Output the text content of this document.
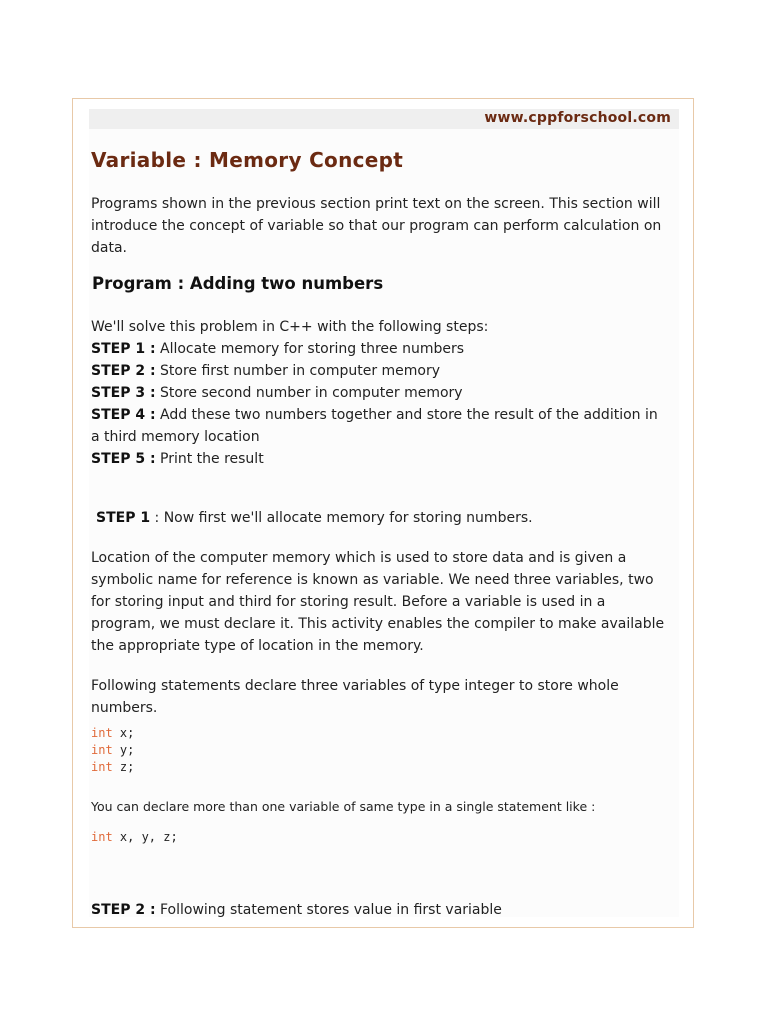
www.cppforschool.com
Variable : Memory Concept

Programs shown in the previous section print text on the screen. This section will introduce the concept of variable so that our program can perform calculation on data.

Program : Adding two numbers
We'll solve this problem in C++ with the following steps:
STEP 1 : Allocate memory for storing three numbers
STEP 2 : Store first number in computer memory
STEP 3 : Store second number in computer memory
STEP 4 : Add these two numbers together and store the result of the addition in a third memory location
STEP 5 : Print the result

STEP 1 : Now first we'll allocate memory for storing numbers.

Location of the computer memory which is used to store data and is given a symbolic name for reference is known as variable. We need three variables, two for storing input and third for storing result. Before a variable is used in a program, we must declare it. This activity enables the compiler to make available the appropriate type of location in the memory.

Following statements declare three variables of type integer to store whole numbers.

int x;
int y;
int z;

You can declare more than one variable of same type in a single statement like :

int x, y, z;

STEP 2 : Following statement stores value in first variable
